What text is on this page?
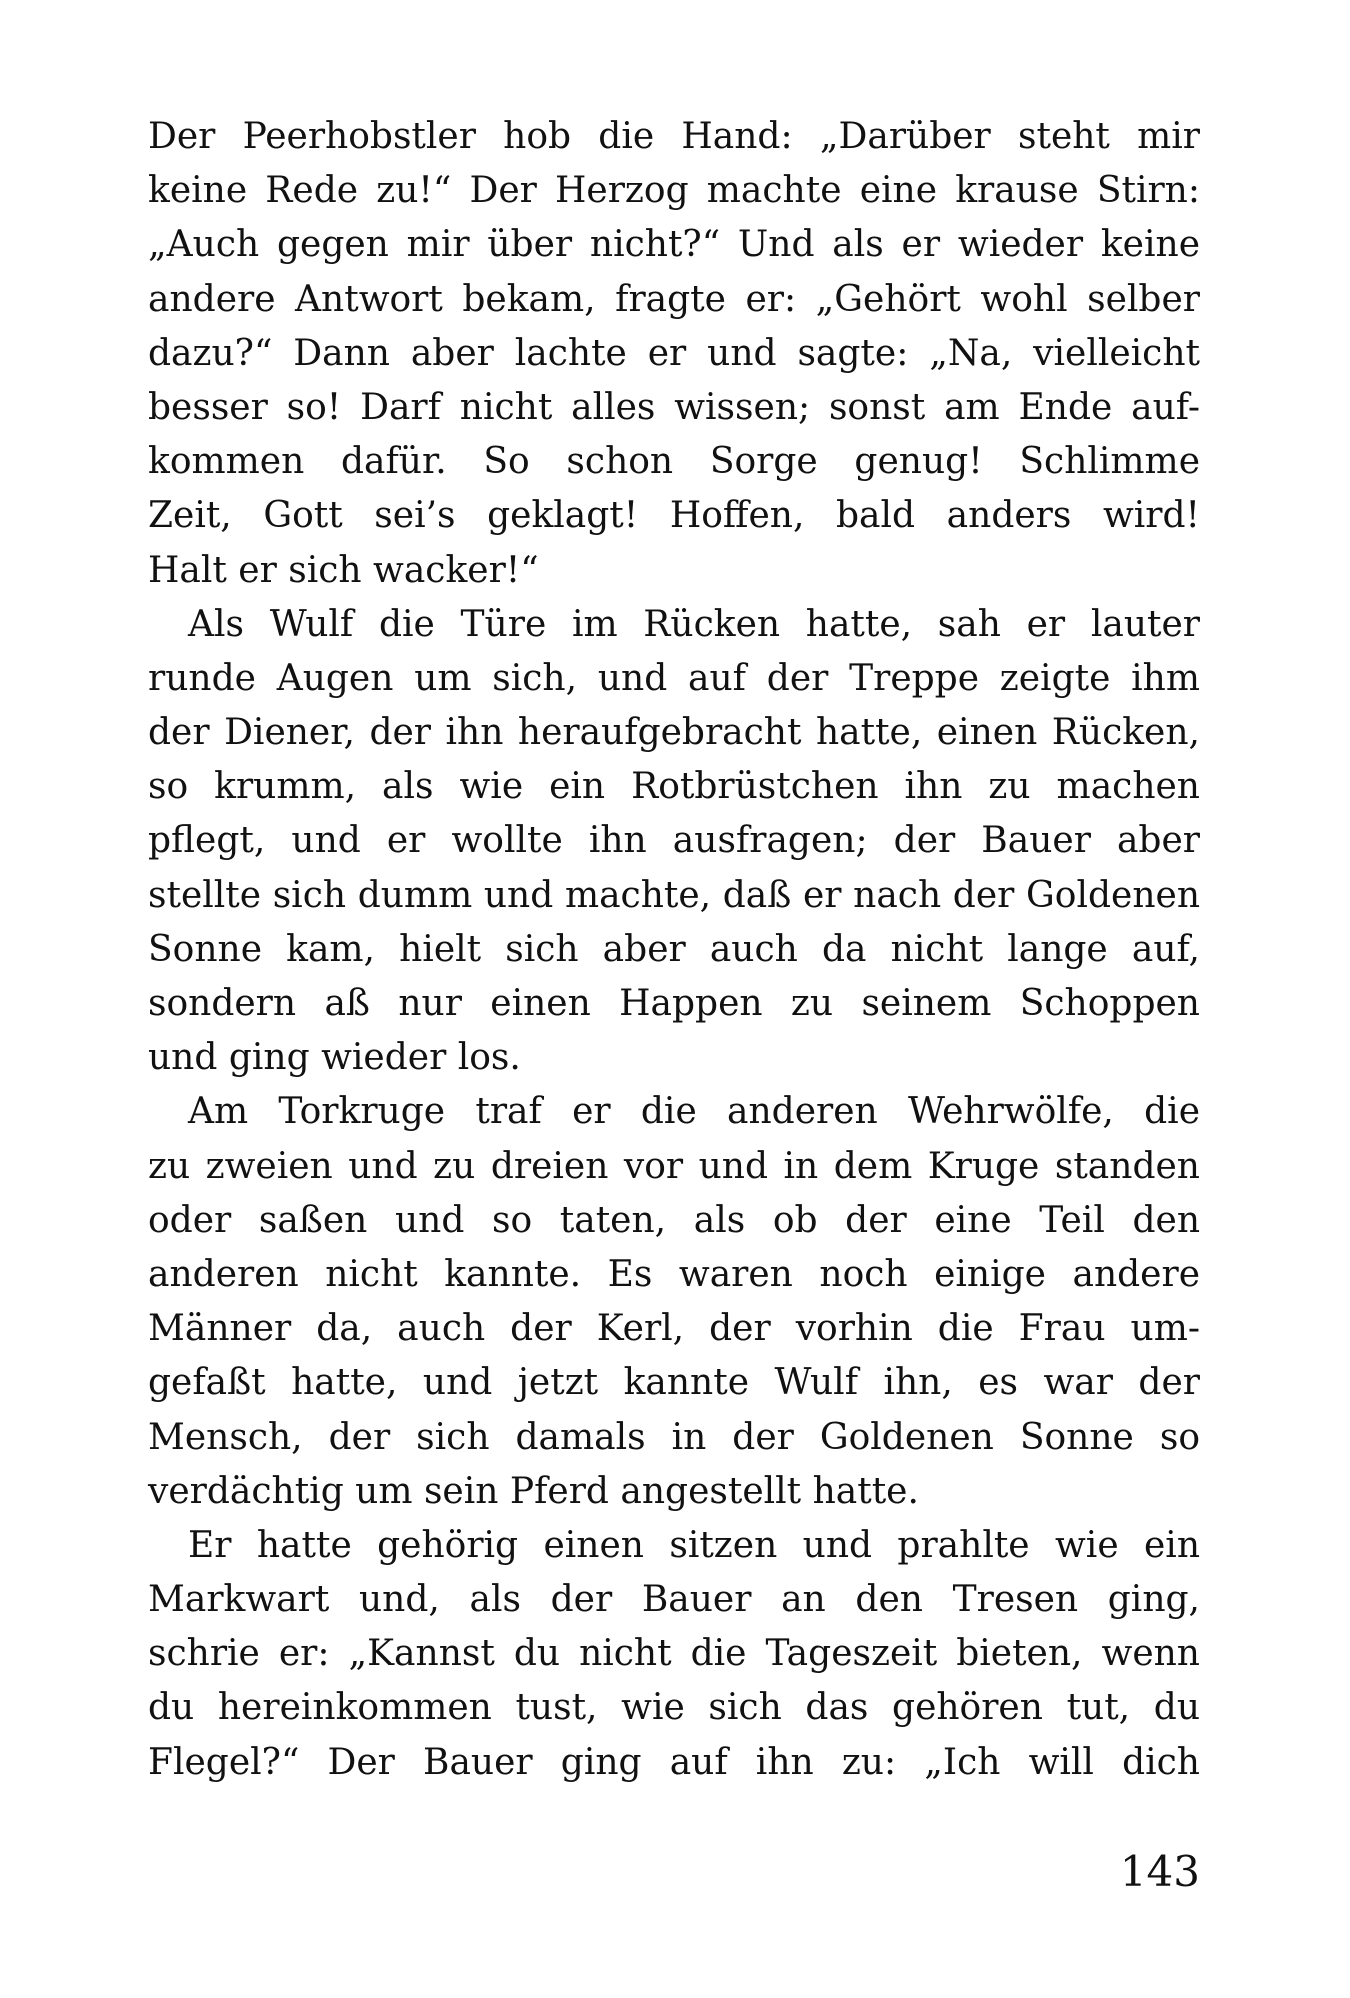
Der Peerhobstler hob die Hand: „Darüber steht mir
keine Rede zu!“ Der Herzog machte eine krause Stirn:
„Auch gegen mir über nicht?“ Und als er wieder keine
andere Antwort bekam, fragte er: „Gehört wohl selber
dazu?“ Dann aber lachte er und sagte: „Na, vielleicht
besser so! Darf nicht alles wissen; sonst am Ende auf-
kommen dafür. So schon Sorge genug! Schlimme
Zeit, Gott sei’s geklagt! Hoffen, bald anders wird!
Halt er sich wacker!“

Als Wulf die Türe im Rücken hatte, sah er lauter
runde Augen um sich, und auf der Treppe zeigte ihm
der Diener, der ihn heraufgebracht hatte, einen Rücken,
so krumm, als wie ein Rotbrüstchen ihn zu machen
pflegt, und er wollte ihn ausfragen; der Bauer aber
stellte sich dumm und machte, daß er nach der Goldenen
Sonne kam, hielt sich aber auch da nicht lange auf,
sondern aß nur einen Happen zu seinem Schoppen
und ging wieder los.

Am Torkruge traf er die anderen Wehrwölfe, die
zu zweien und zu dreien vor und in dem Kruge standen
oder saßen und so taten, als ob der eine Teil den
anderen nicht kannte. Es waren noch einige andere
Männer da, auch der Kerl, der vorhin die Frau um-
gefaßt hatte, und jetzt kannte Wulf ihn, es war der
Mensch, der sich damals in der Goldenen Sonne so
verdächtig um sein Pferd angestellt hatte.

Er hatte gehörig einen sitzen und prahlte wie ein
Markwart und, als der Bauer an den Tresen ging,
schrie er: „Kannst du nicht die Tageszeit bieten, wenn
du hereinkommen tust, wie sich das gehören tut, du
Flegel?“ Der Bauer ging auf ihn zu: „Ich will dich

143
